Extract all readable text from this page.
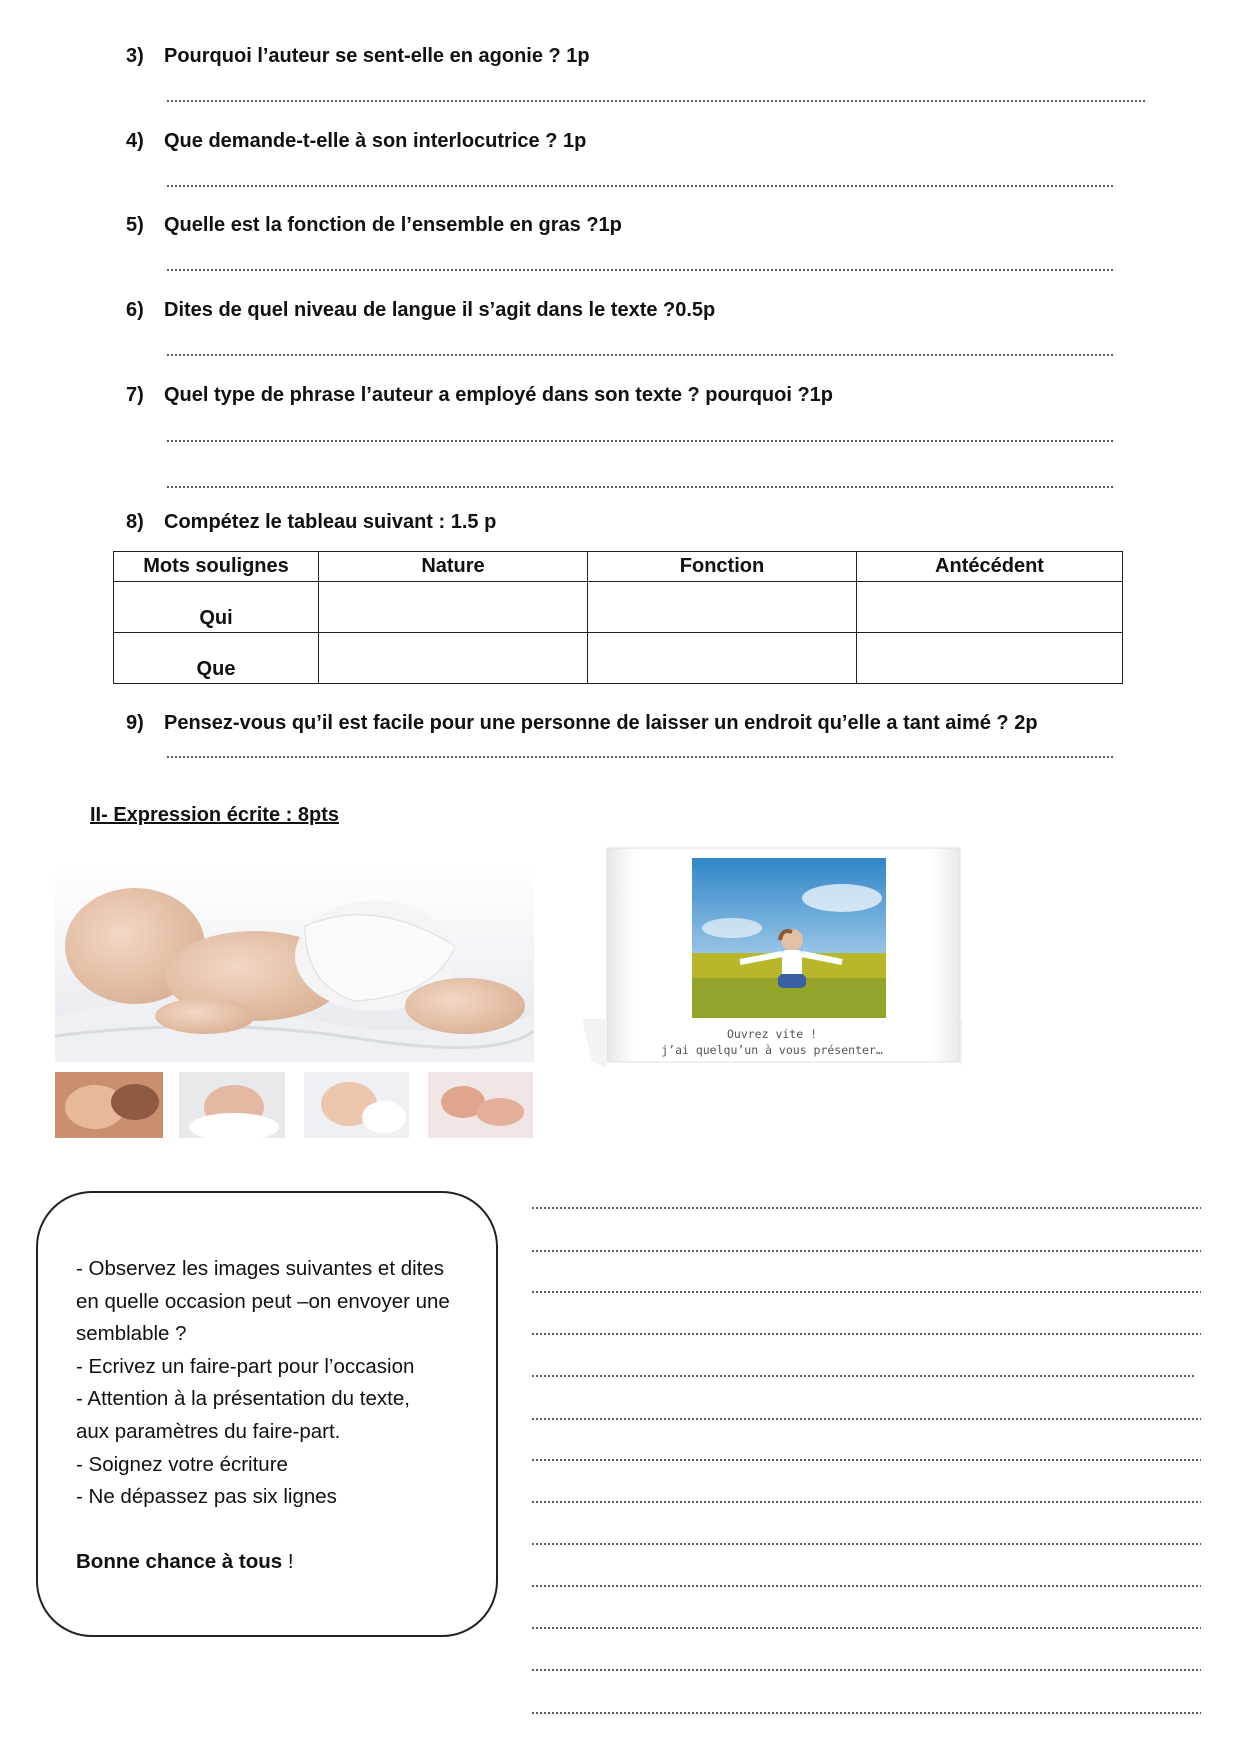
3) Pourquoi l’auteur se sent-elle en agonie ? 1p
4) Que demande-t-elle à son interlocutrice ? 1p
5) Quelle est la fonction de l’ensemble en gras ?1p
6) Dites de quel niveau de langue il s’agit dans le texte ?0.5p
7) Quel type de phrase l’auteur a employé dans son texte ? pourquoi ?1p
8) Compétez le tableau suivant : 1.5 p
Mots soulignes	Nature	Fonction	Antécédent
Qui			
Que			
9) Pensez-vous qu’il est facile pour une personne de laisser un endroit qu’elle a tant aimé ? 2p
II- Expression écrite : 8pts
Ouvrez vite !
j’ai quelqu’un à vous présenter…
- Observez les images suivantes et dites
en quelle occasion peut –on envoyer une
semblable ?
- Ecrivez un faire-part pour l’occasion
- Attention à la présentation du texte,
aux paramètres du faire-part.
- Soignez votre écriture
- Ne dépassez pas six lignes
Bonne chance à tous !
